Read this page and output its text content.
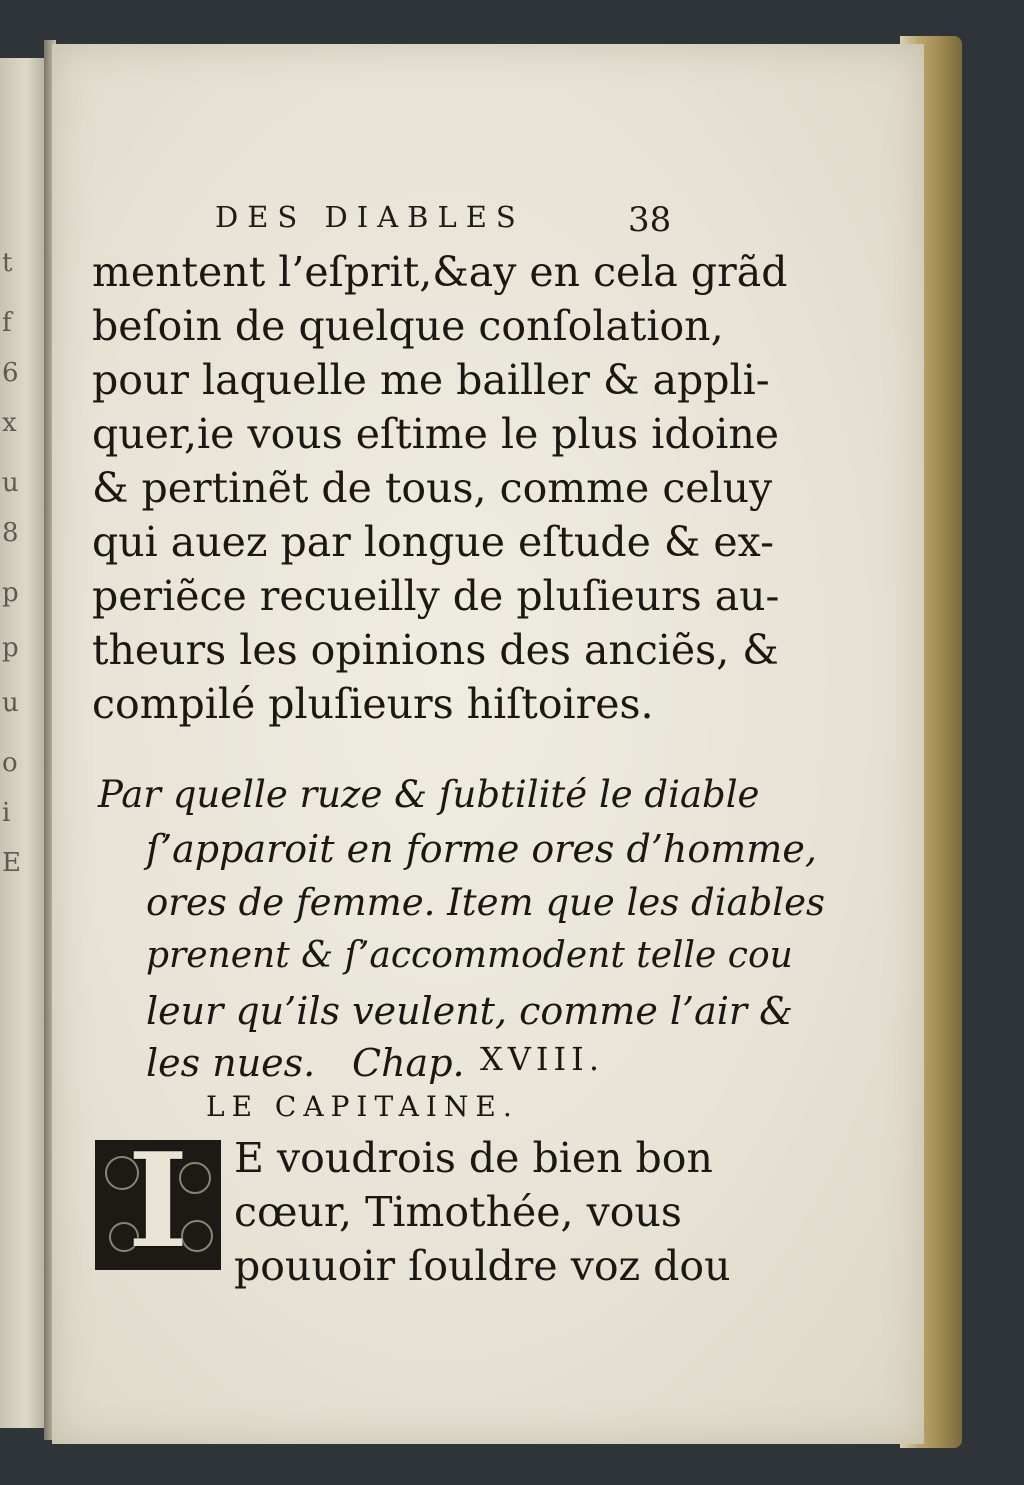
t
f
6
x
u
8
p
p
u
o
i
E
DES DIABLES	38
mentent l’eſprit,&ay en cela grãd
beſoin de quelque conſolation,
pour laquelle me bailler & appli-
quer,ie vous eſtime le plus idoine
& pertinẽt de tous, comme celuy
qui auez par longue eſtude & ex-
periẽce recueilly de pluſieurs au-
theurs les opinions des anciẽs, &
compilé pluſieurs hiſtoires.
Par quelle ruze & ſubtilité le diable
ſ’apparoit en forme ores d’homme,
ores de femme. Item que les diables
prenent & ſ’accommodent telle cou
leur qu’ils veulent, comme l’air &
les nues. Chap. XVIII.
LE CAPITAINE.
I	E voudrois de bien bon
cœur, Timothée, vous
pouuoir ſouldre voz dou
